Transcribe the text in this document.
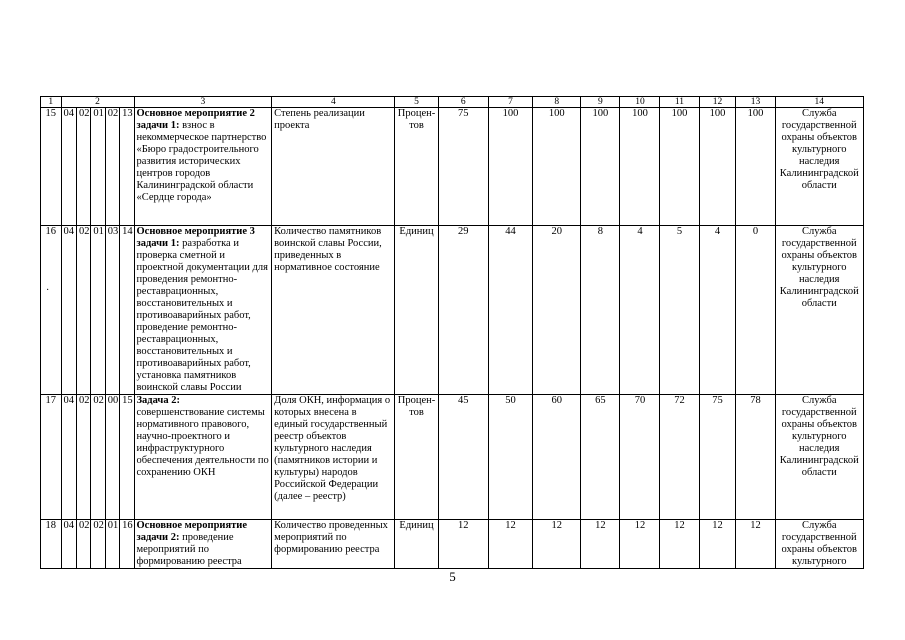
1	2					3	4	5	6	7	8	9	10	11	12	13	14
15	04	02	01	02	13	Основное мероприятие 2 задачи 1: взнос в некоммерческое партнерство «Бюро градостроительного развития исторических центров городов Калининградской области «Сердце города»	Степень реализации проекта	Процен-тов	75	100	100	100	100	100	100	100	Служба государственной охраны объектов культурного наследия Калининградской области
16	04	02	01	03	14	Основное мероприятие 3 задачи 1: разработка и проверка сметной и проектной документации для проведения ремонтно-реставрационных, восстановительных и противоаварийных работ, проведение ремонтно-реставрационных, восстановительных и противоаварийных работ, установка памятников воинской славы России	Количество памятников воинской славы России, приведенных в нормативное состояние	Единиц	29	44	20	8	4	5	4	0	Служба государственной охраны объектов культурного наследия Калининградской области
17	04	02	02	00	15	Задача 2: совершенствование системы нормативного правового, научно-проектного и инфраструктурного обеспечения деятельности по сохранению ОКН	Доля ОКН, информация о которых внесена в единый государственный реестр объектов культурного наследия (памятников истории и культуры) народов Российской Федерации (далее – реестр)	Процен-тов	45	50	60	65	70	72	75	78	Служба государственной охраны объектов культурного наследия Калининградской области
18	04	02	02	01	16	Основное мероприятие задачи 2: проведение мероприятий по формированию реестра	Количество проведенных мероприятий по формированию реестра	Единиц	12	12	12	12	12	12	12	12	Служба государственной охраны объектов культурного
·
5
